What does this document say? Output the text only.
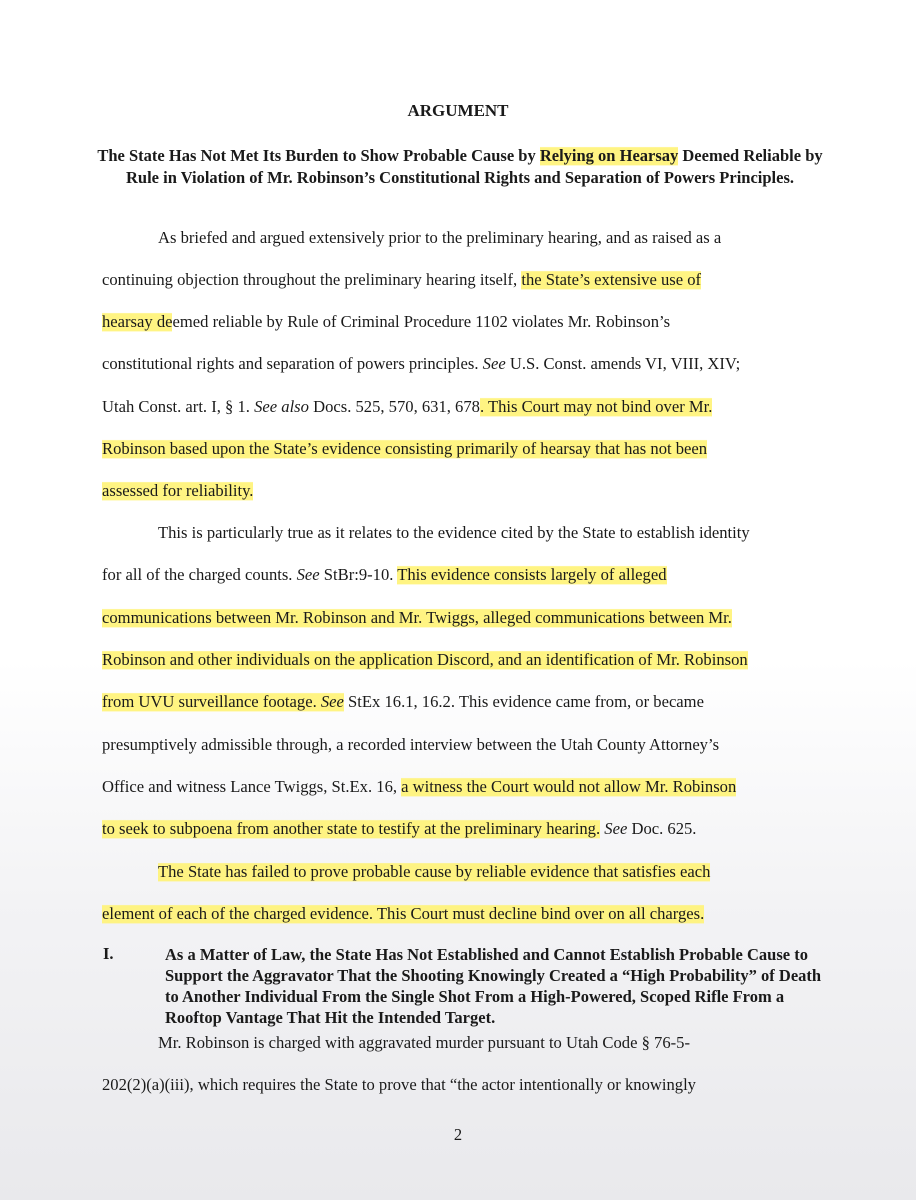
ARGUMENT
The State Has Not Met Its Burden to Show Probable Cause by Relying on Hearsay Deemed Reliable by Rule in Violation of Mr. Robinson’s Constitutional Rights and Separation of Powers Principles.
As briefed and argued extensively prior to the preliminary hearing, and as raised as a
continuing objection throughout the preliminary hearing itself, the State’s extensive use of
hearsay deemed reliable by Rule of Criminal Procedure 1102 violates Mr. Robinson’s
constitutional rights and separation of powers principles. See U.S. Const. amends VI, VIII, XIV;
Utah Const. art. I, § 1. See also Docs. 525, 570, 631, 678. This Court may not bind over Mr.
Robinson based upon the State’s evidence consisting primarily of hearsay that has not been
assessed for reliability.
This is particularly true as it relates to the evidence cited by the State to establish identity
for all of the charged counts. See StBr:9-10. This evidence consists largely of alleged
communications between Mr. Robinson and Mr. Twiggs, alleged communications between Mr.
Robinson and other individuals on the application Discord, and an identification of Mr. Robinson
from UVU surveillance footage. See StEx 16.1, 16.2. This evidence came from, or became
presumptively admissible through, a recorded interview between the Utah County Attorney’s
Office and witness Lance Twiggs, St.Ex. 16, a witness the Court would not allow Mr. Robinson
to seek to subpoena from another state to testify at the preliminary hearing. See Doc. 625.
The State has failed to prove probable cause by reliable evidence that satisfies each
element of each of the charged evidence. This Court must decline bind over on all charges.
I.	As a Matter of Law, the State Has Not Established and Cannot Establish Probable Cause to Support the Aggravator That the Shooting Knowingly Created a “High Probability” of Death to Another Individual From the Single Shot From a High-Powered, Scoped Rifle From a Rooftop Vantage That Hit the Intended Target.
Mr. Robinson is charged with aggravated murder pursuant to Utah Code § 76-5-
202(2)(a)(iii), which requires the State to prove that “the actor intentionally or knowingly
2
